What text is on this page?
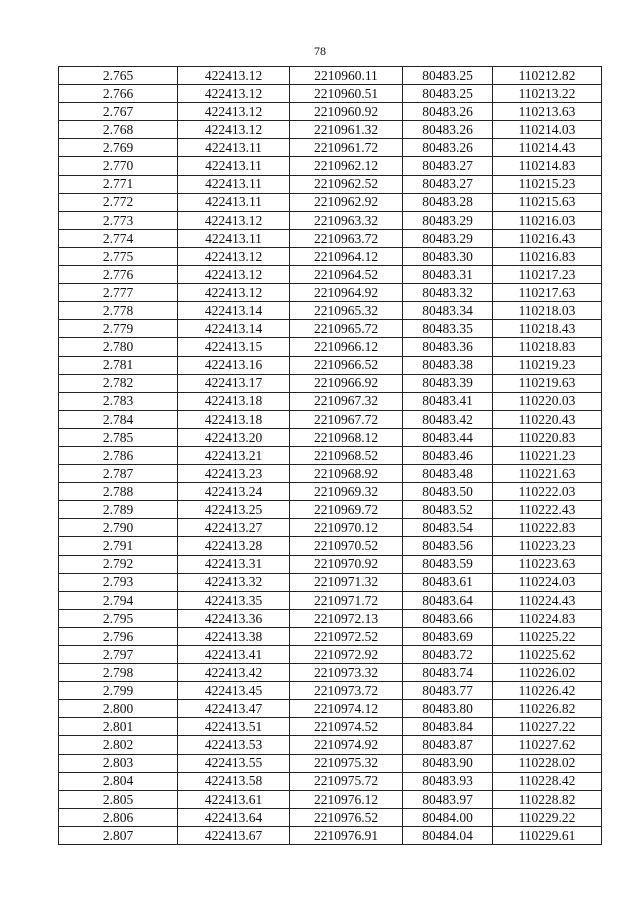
78
2.765	422413.12	2210960.11	80483.25	110212.82
2.766	422413.12	2210960.51	80483.25	110213.22
2.767	422413.12	2210960.92	80483.26	110213.63
2.768	422413.12	2210961.32	80483.26	110214.03
2.769	422413.11	2210961.72	80483.26	110214.43
2.770	422413.11	2210962.12	80483.27	110214.83
2.771	422413.11	2210962.52	80483.27	110215.23
2.772	422413.11	2210962.92	80483.28	110215.63
2.773	422413.12	2210963.32	80483.29	110216.03
2.774	422413.11	2210963.72	80483.29	110216.43
2.775	422413.12	2210964.12	80483.30	110216.83
2.776	422413.12	2210964.52	80483.31	110217.23
2.777	422413.12	2210964.92	80483.32	110217.63
2.778	422413.14	2210965.32	80483.34	110218.03
2.779	422413.14	2210965.72	80483.35	110218.43
2.780	422413.15	2210966.12	80483.36	110218.83
2.781	422413.16	2210966.52	80483.38	110219.23
2.782	422413.17	2210966.92	80483.39	110219.63
2.783	422413.18	2210967.32	80483.41	110220.03
2.784	422413.18	2210967.72	80483.42	110220.43
2.785	422413.20	2210968.12	80483.44	110220.83
2.786	422413.21	2210968.52	80483.46	110221.23
2.787	422413.23	2210968.92	80483.48	110221.63
2.788	422413.24	2210969.32	80483.50	110222.03
2.789	422413.25	2210969.72	80483.52	110222.43
2.790	422413.27	2210970.12	80483.54	110222.83
2.791	422413.28	2210970.52	80483.56	110223.23
2.792	422413.31	2210970.92	80483.59	110223.63
2.793	422413.32	2210971.32	80483.61	110224.03
2.794	422413.35	2210971.72	80483.64	110224.43
2.795	422413.36	2210972.13	80483.66	110224.83
2.796	422413.38	2210972.52	80483.69	110225.22
2.797	422413.41	2210972.92	80483.72	110225.62
2.798	422413.42	2210973.32	80483.74	110226.02
2.799	422413.45	2210973.72	80483.77	110226.42
2.800	422413.47	2210974.12	80483.80	110226.82
2.801	422413.51	2210974.52	80483.84	110227.22
2.802	422413.53	2210974.92	80483.87	110227.62
2.803	422413.55	2210975.32	80483.90	110228.02
2.804	422413.58	2210975.72	80483.93	110228.42
2.805	422413.61	2210976.12	80483.97	110228.82
2.806	422413.64	2210976.52	80484.00	110229.22
2.807	422413.67	2210976.91	80484.04	110229.61
